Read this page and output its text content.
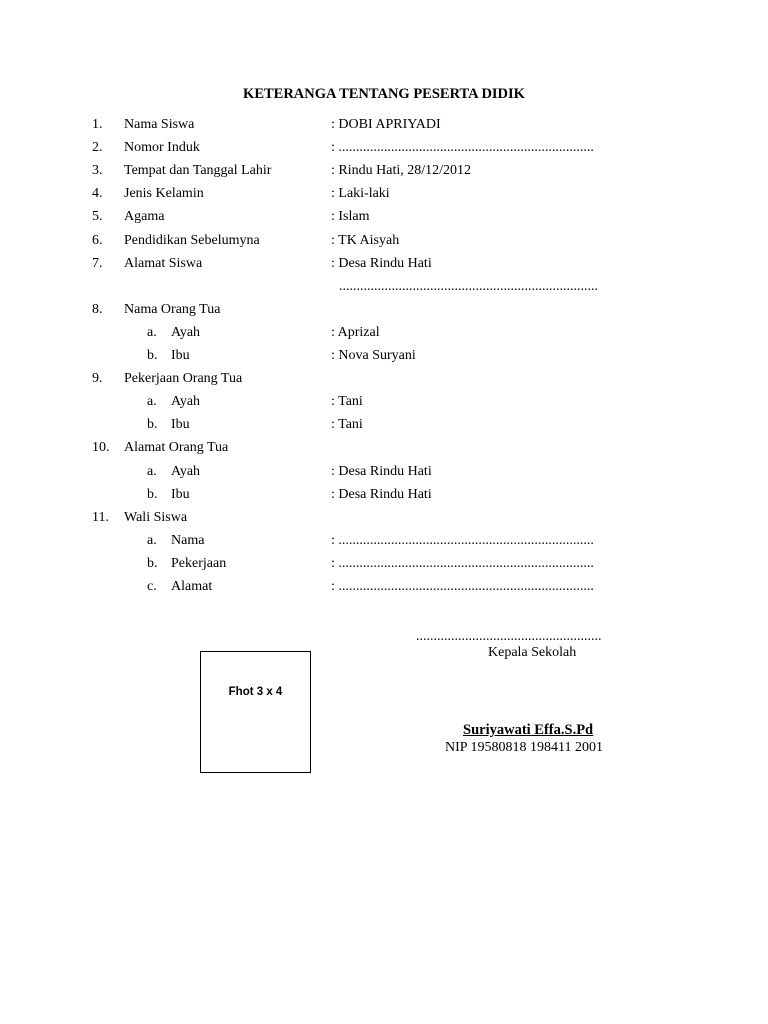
KETERANGA TENTANG PESERTA DIDIK
1. Nama Siswa	: DOBI APRIYADI
2. Nomor Induk	: .........................................................................
3. Tempat dan Tanggal Lahir	: Rindu Hati, 28/12/2012
4. Jenis Kelamin	: Laki-laki
5. Agama	: Islam
6. Pendidikan Sebelumyna	: TK Aisyah
7. Alamat Siswa	: Desa Rindu Hati
..........................................................................
8. Nama Orang Tua
a. Ayah	: Aprizal
b. Ibu	: Nova Suryani
9. Pekerjaan Orang Tua
a. Ayah	: Tani
b. Ibu	: Tani
10. Alamat Orang Tua
a. Ayah	: Desa Rindu Hati
b. Ibu	: Desa Rindu Hati
11. Wali Siswa
a. Nama	: .........................................................................
b. Pekerjaan	: .........................................................................
c. Alamat	: .........................................................................
.....................................................
Kepala Sekolah
Suriyawati Effa.S.Pd
NIP 19580818 198411 2001
Fhot 3 x 4
